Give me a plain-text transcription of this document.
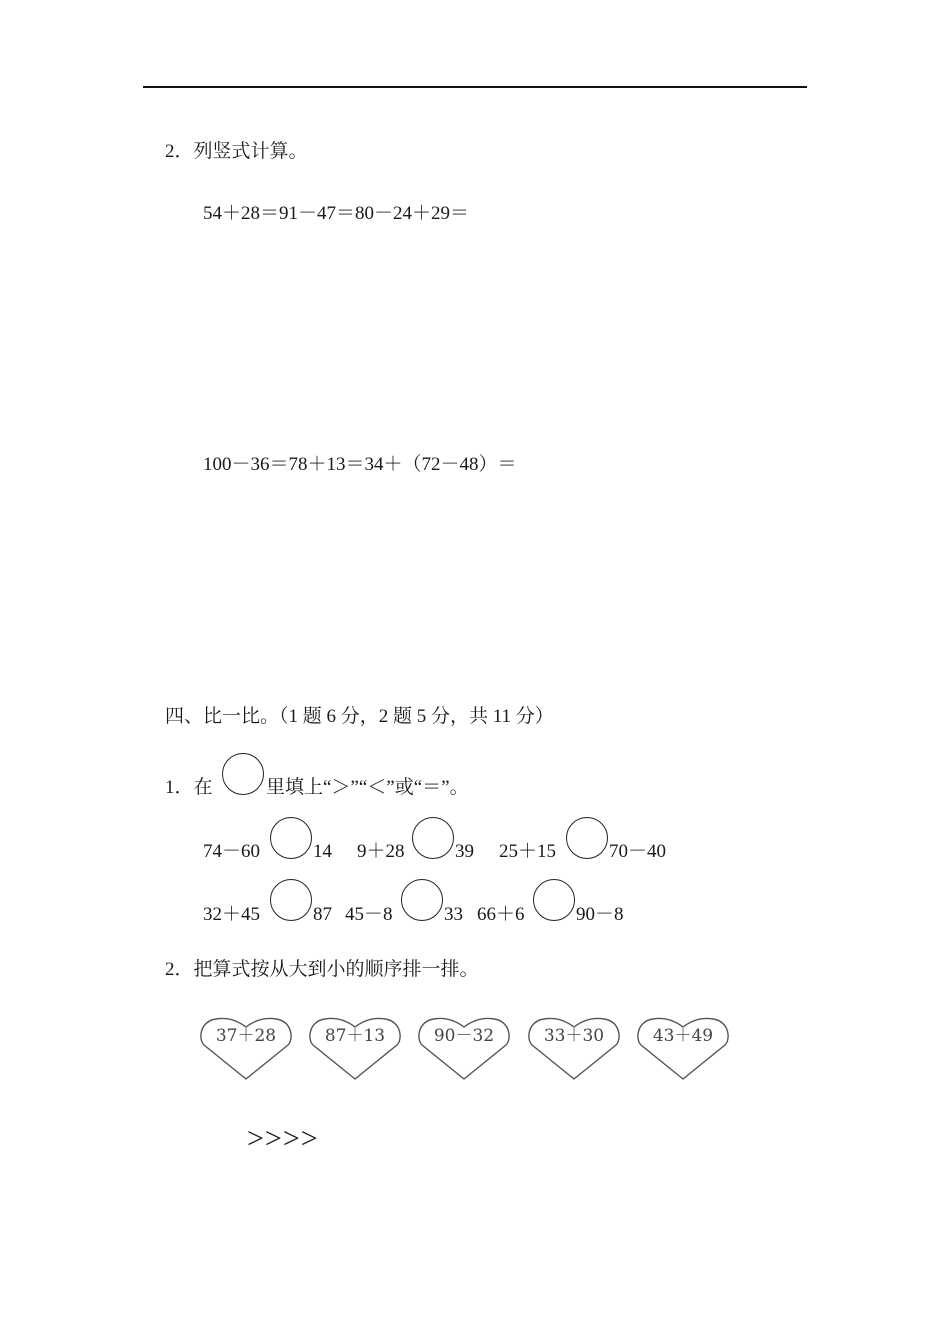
2．列竖式计算。
54＋28＝91－47＝80－24＋29＝
100－36＝78＋13＝34＋（72－48）＝
四、比一比。（1 题 6 分，2 题 5 分，共 11 分）
1．在	里填上“＞”“＜”或“＝”。
74－60	14 9＋28	39 25＋15	70－40
32＋45	87 45－8	33 66＋6	90－8
2．把算式按从大到小的顺序排一排。
37＋28	87＋13	90－32	33＋30	43＋49
>>>>
